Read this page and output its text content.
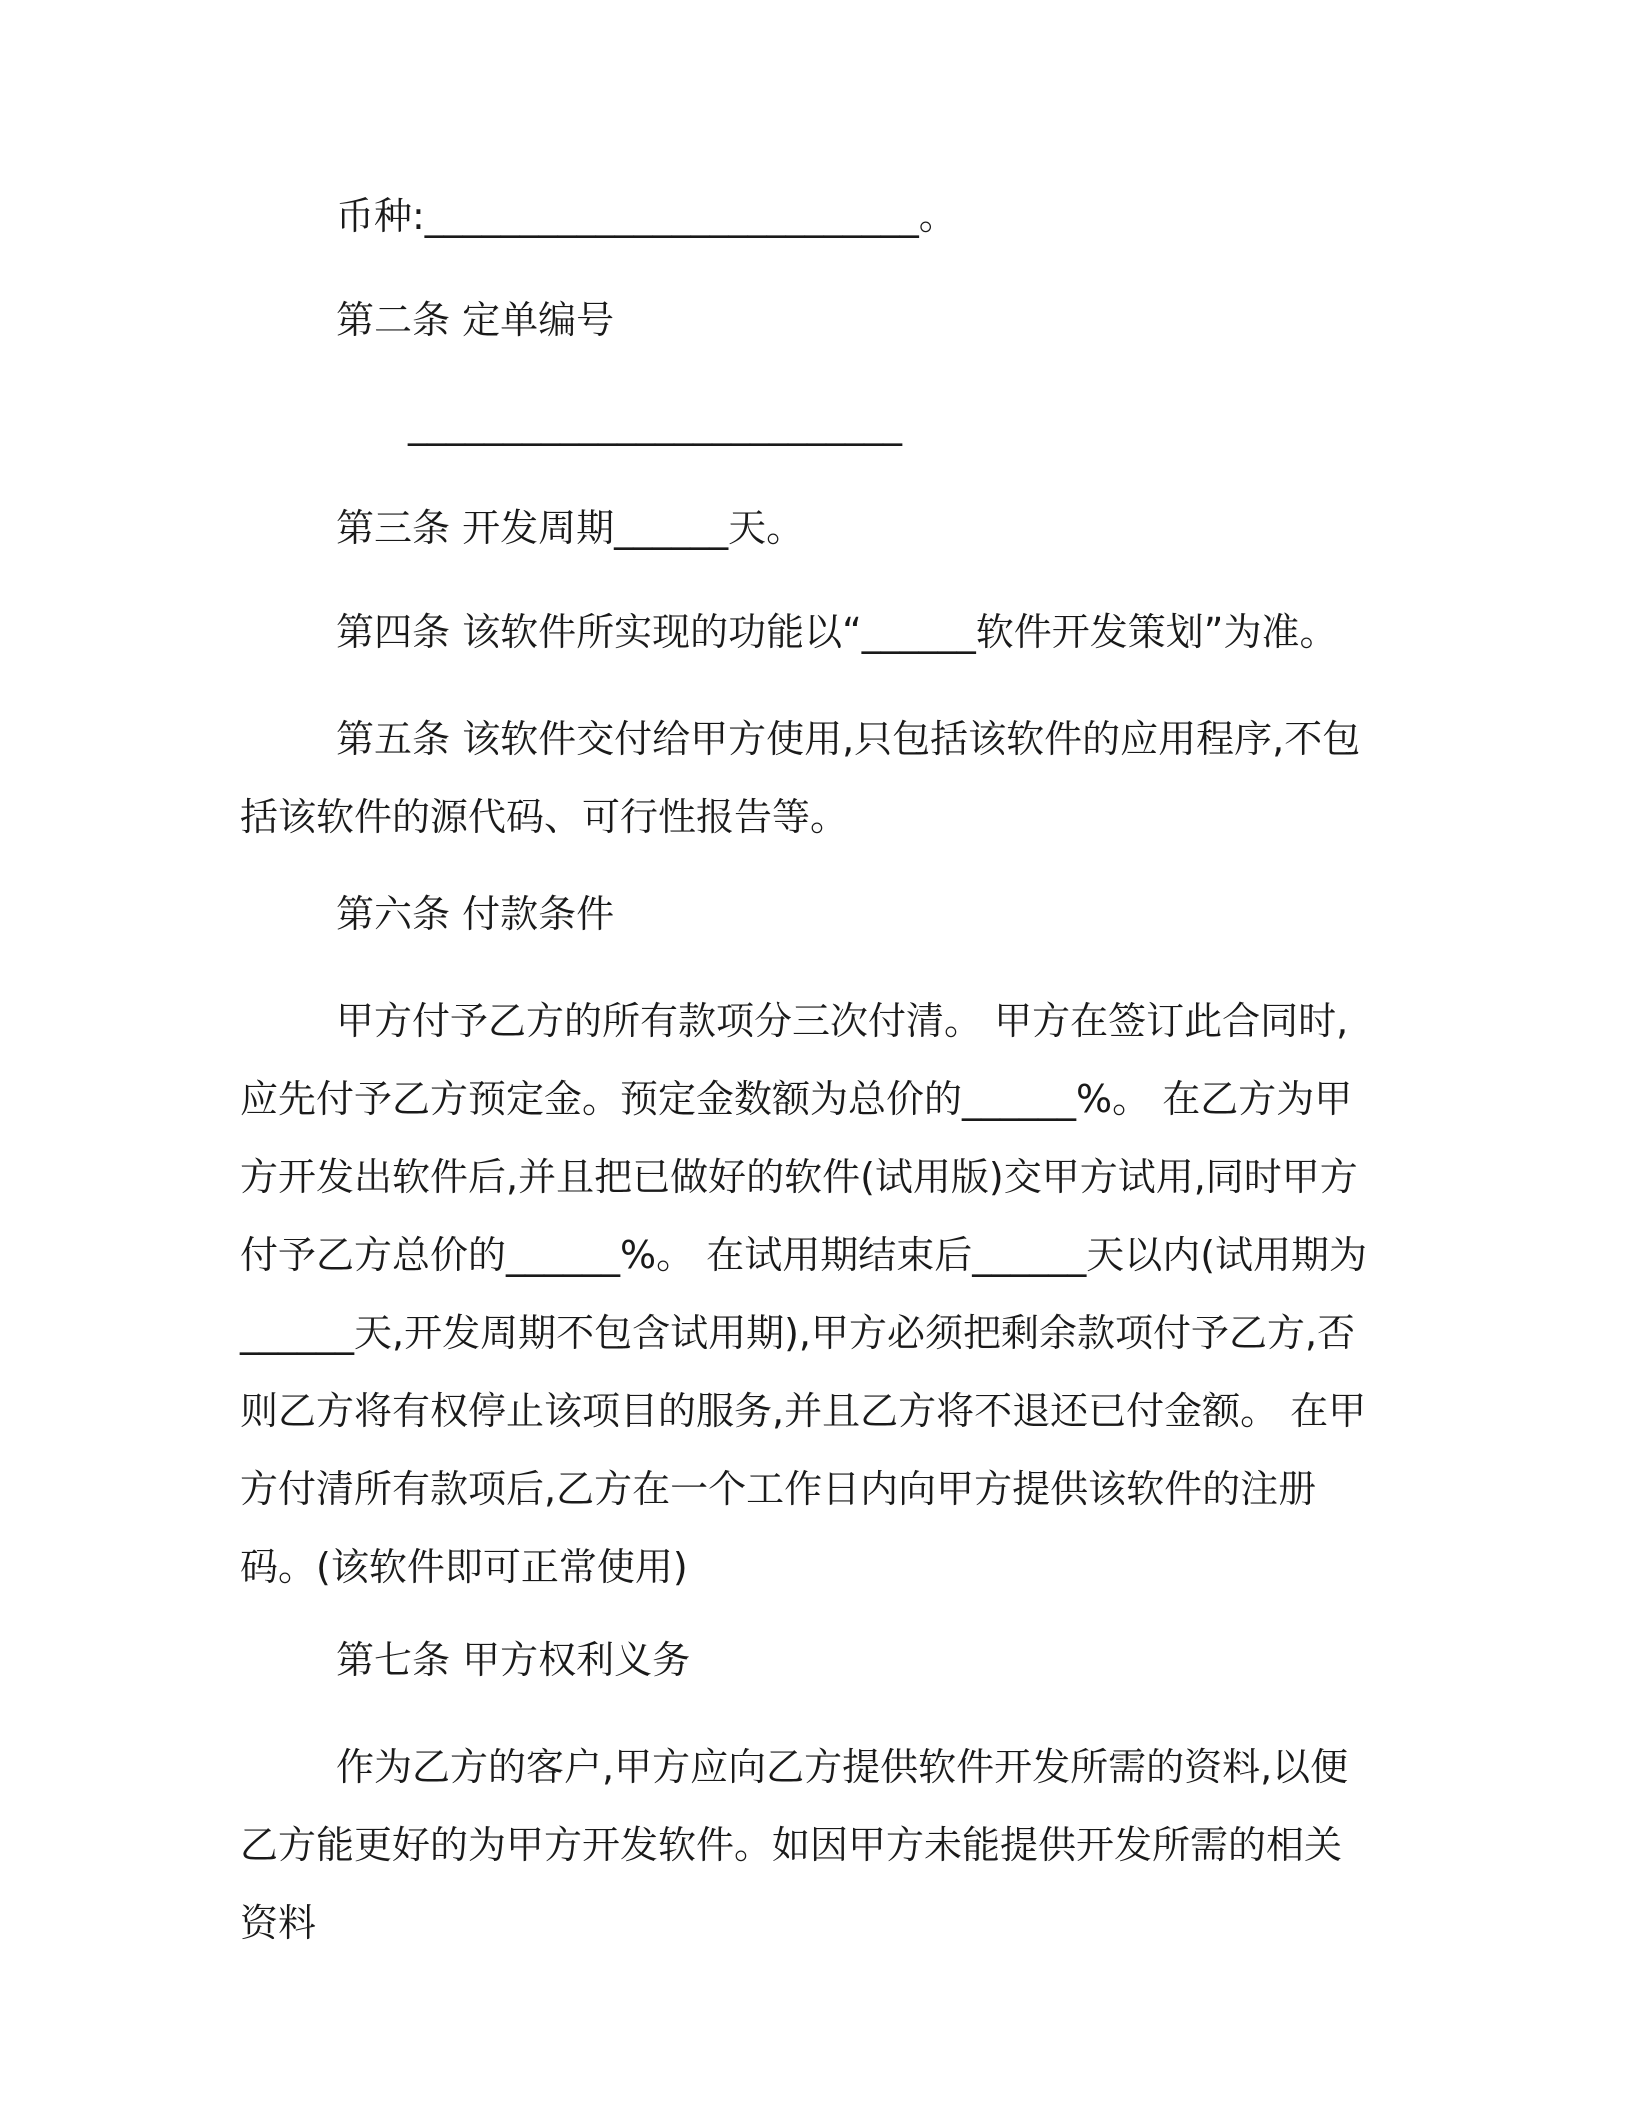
币种:__________________________。

第二条 定单编号

__________________________

第三条 开发周期______天。

第四条 该软件所实现的功能以“______软件开发策划”为准。

第五条 该软件交付给甲方使用,只包括该软件的应用程序,不包括该软件的源代码、可行性报告等。

第六条 付款条件

甲方付予乙方的所有款项分三次付清。 甲方在签订此合同时,应先付予乙方预定金。预定金数额为总价的______%。 在乙方为甲方开发出软件后,并且把已做好的软件(试用版)交甲方试用,同时甲方付予乙方总价的______%。 在试用期结束后______天以内(试用期为______天,开发周期不包含试用期),甲方必须把剩余款项付予乙方,否则乙方将有权停止该项目的服务,并且乙方将不退还已付金额。 在甲方付清所有款项后,乙方在一个工作日内向甲方提供该软件的注册码。(该软件即可正常使用)

第七条 甲方权利义务

作为乙方的客户,甲方应向乙方提供软件开发所需的资料,以便乙方能更好的为甲方开发软件。如因甲方未能提供开发所需的相关资料
